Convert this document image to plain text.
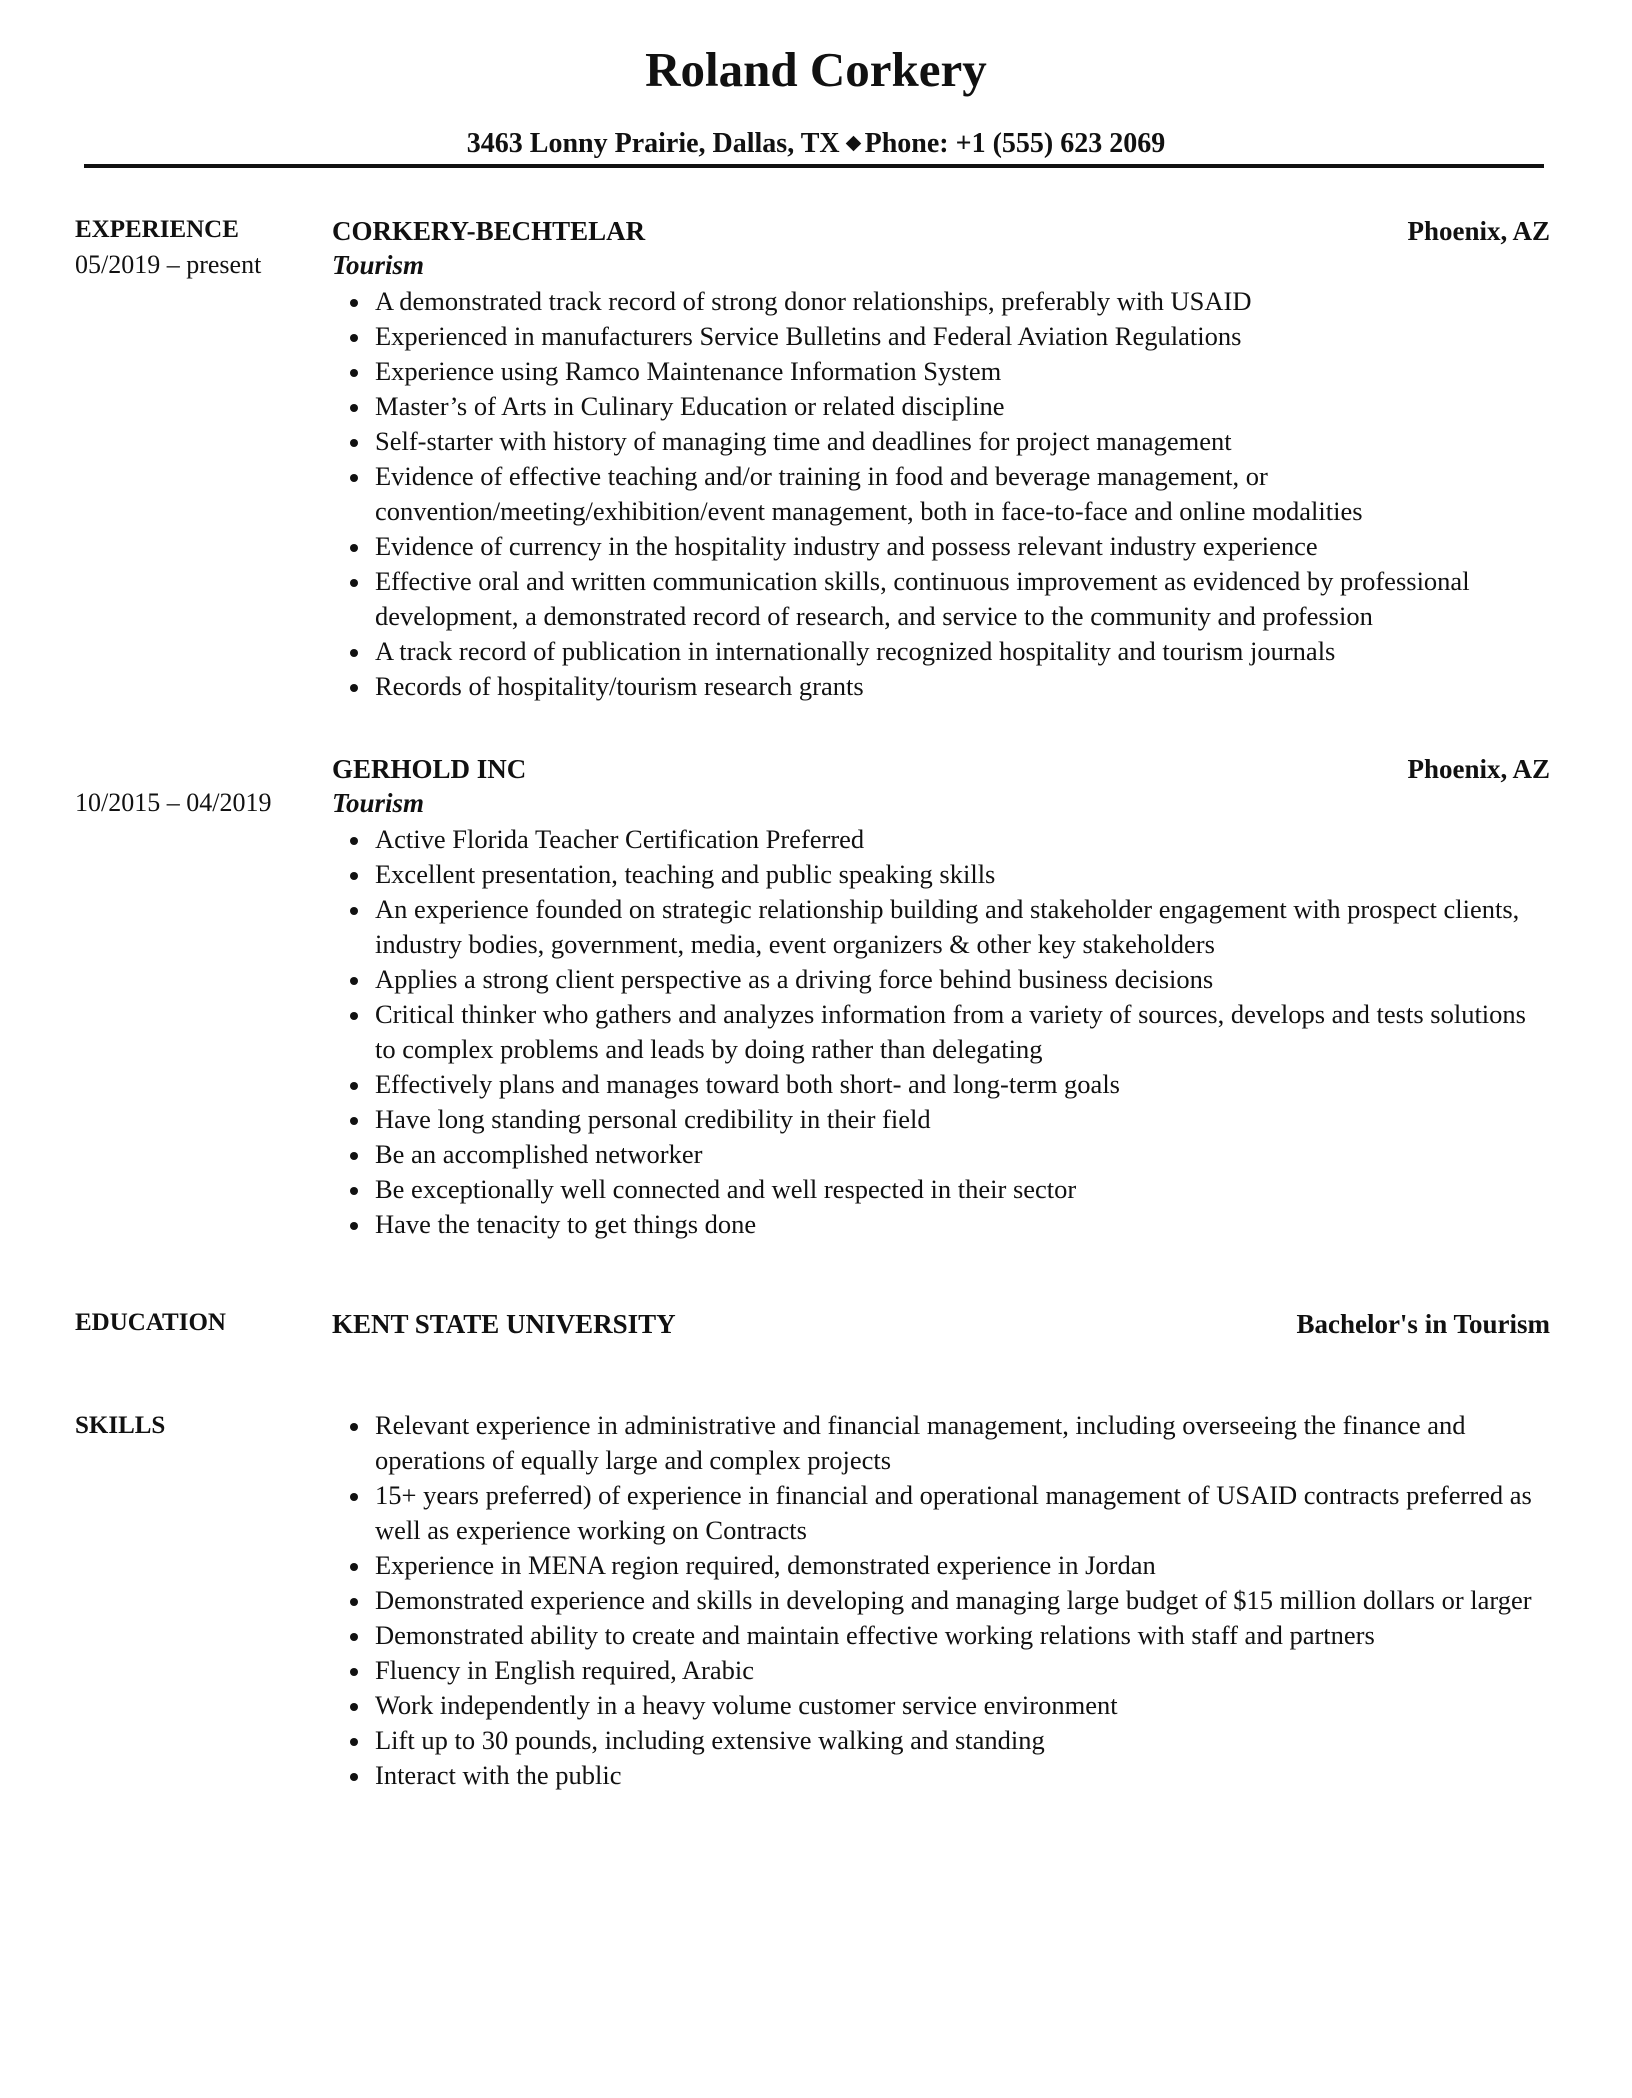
Roland Corkery
3463 Lonny Prairie, Dallas, TX Phone: +1 (555) 623 2069
EXPERIENCE	CORKERY-BECHTELAR	Phoenix, AZ
05/2019 – present	Tourism
A demonstrated track record of strong donor relationships, preferably with USAID
Experienced in manufacturers Service Bulletins and Federal Aviation Regulations
Experience using Ramco Maintenance Information System
Master’s of Arts in Culinary Education or related discipline
Self-starter with history of managing time and deadlines for project management
Evidence of effective teaching and/or training in food and beverage management, or convention/meeting/exhibition/event management, both in face-to-face and online modalities
Evidence of currency in the hospitality industry and possess relevant industry experience
Effective oral and written communication skills, continuous improvement as evidenced by professional development, a demonstrated record of research, and service to the community and profession
A track record of publication in internationally recognized hospitality and tourism journals
Records of hospitality/tourism research grants
GERHOLD INC	Phoenix, AZ
10/2015 – 04/2019 Tourism
Active Florida Teacher Certification Preferred
Excellent presentation, teaching and public speaking skills
An experience founded on strategic relationship building and stakeholder engagement with prospect clients, industry bodies, government, media, event organizers & other key stakeholders
Applies a strong client perspective as a driving force behind business decisions
Critical thinker who gathers and analyzes information from a variety of sources, develops and tests solutions to complex problems and leads by doing rather than delegating
Effectively plans and manages toward both short- and long-term goals
Have long standing personal credibility in their field
Be an accomplished networker
Be exceptionally well connected and well respected in their sector
Have the tenacity to get things done
EDUCATION	KENT STATE UNIVERSITY	Bachelor's in Tourism
SKILLS	Relevant experience in administrative and financial management, including overseeing the finance and operations of equally large and complex projects
15+ years preferred) of experience in financial and operational management of USAID contracts preferred as well as experience working on Contracts
Experience in MENA region required, demonstrated experience in Jordan
Demonstrated experience and skills in developing and managing large budget of $15 million dollars or larger
Demonstrated ability to create and maintain effective working relations with staff and partners
Fluency in English required, Arabic
Work independently in a heavy volume customer service environment
Lift up to 30 pounds, including extensive walking and standing
Interact with the public
